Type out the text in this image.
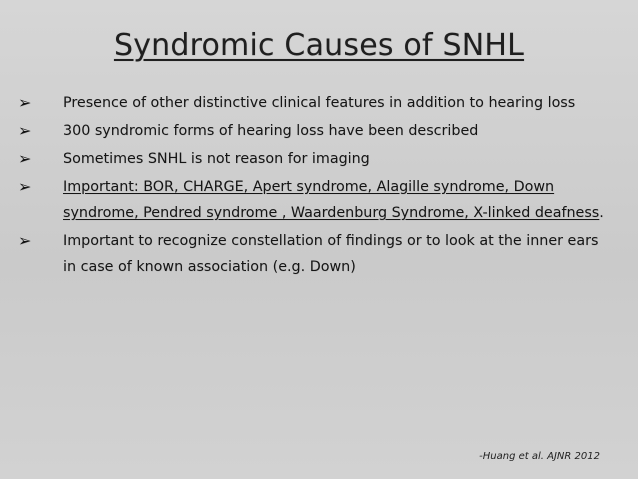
Syndromic Causes of SNHL
➢ Presence of other distinctive clinical features in addition to hearing loss
➢ 300 syndromic forms of hearing loss have been described
➢ Sometimes SNHL is not reason for imaging
➢ Important: BOR, CHARGE, Apert syndrome, Alagille syndrome, Down syndrome, Pendred syndrome , Waardenburg Syndrome, X-linked deafness.
➢ Important to recognize constellation of findings or to look at the inner ears in case of known association (e.g. Down)
-Huang et al. AJNR 2012
